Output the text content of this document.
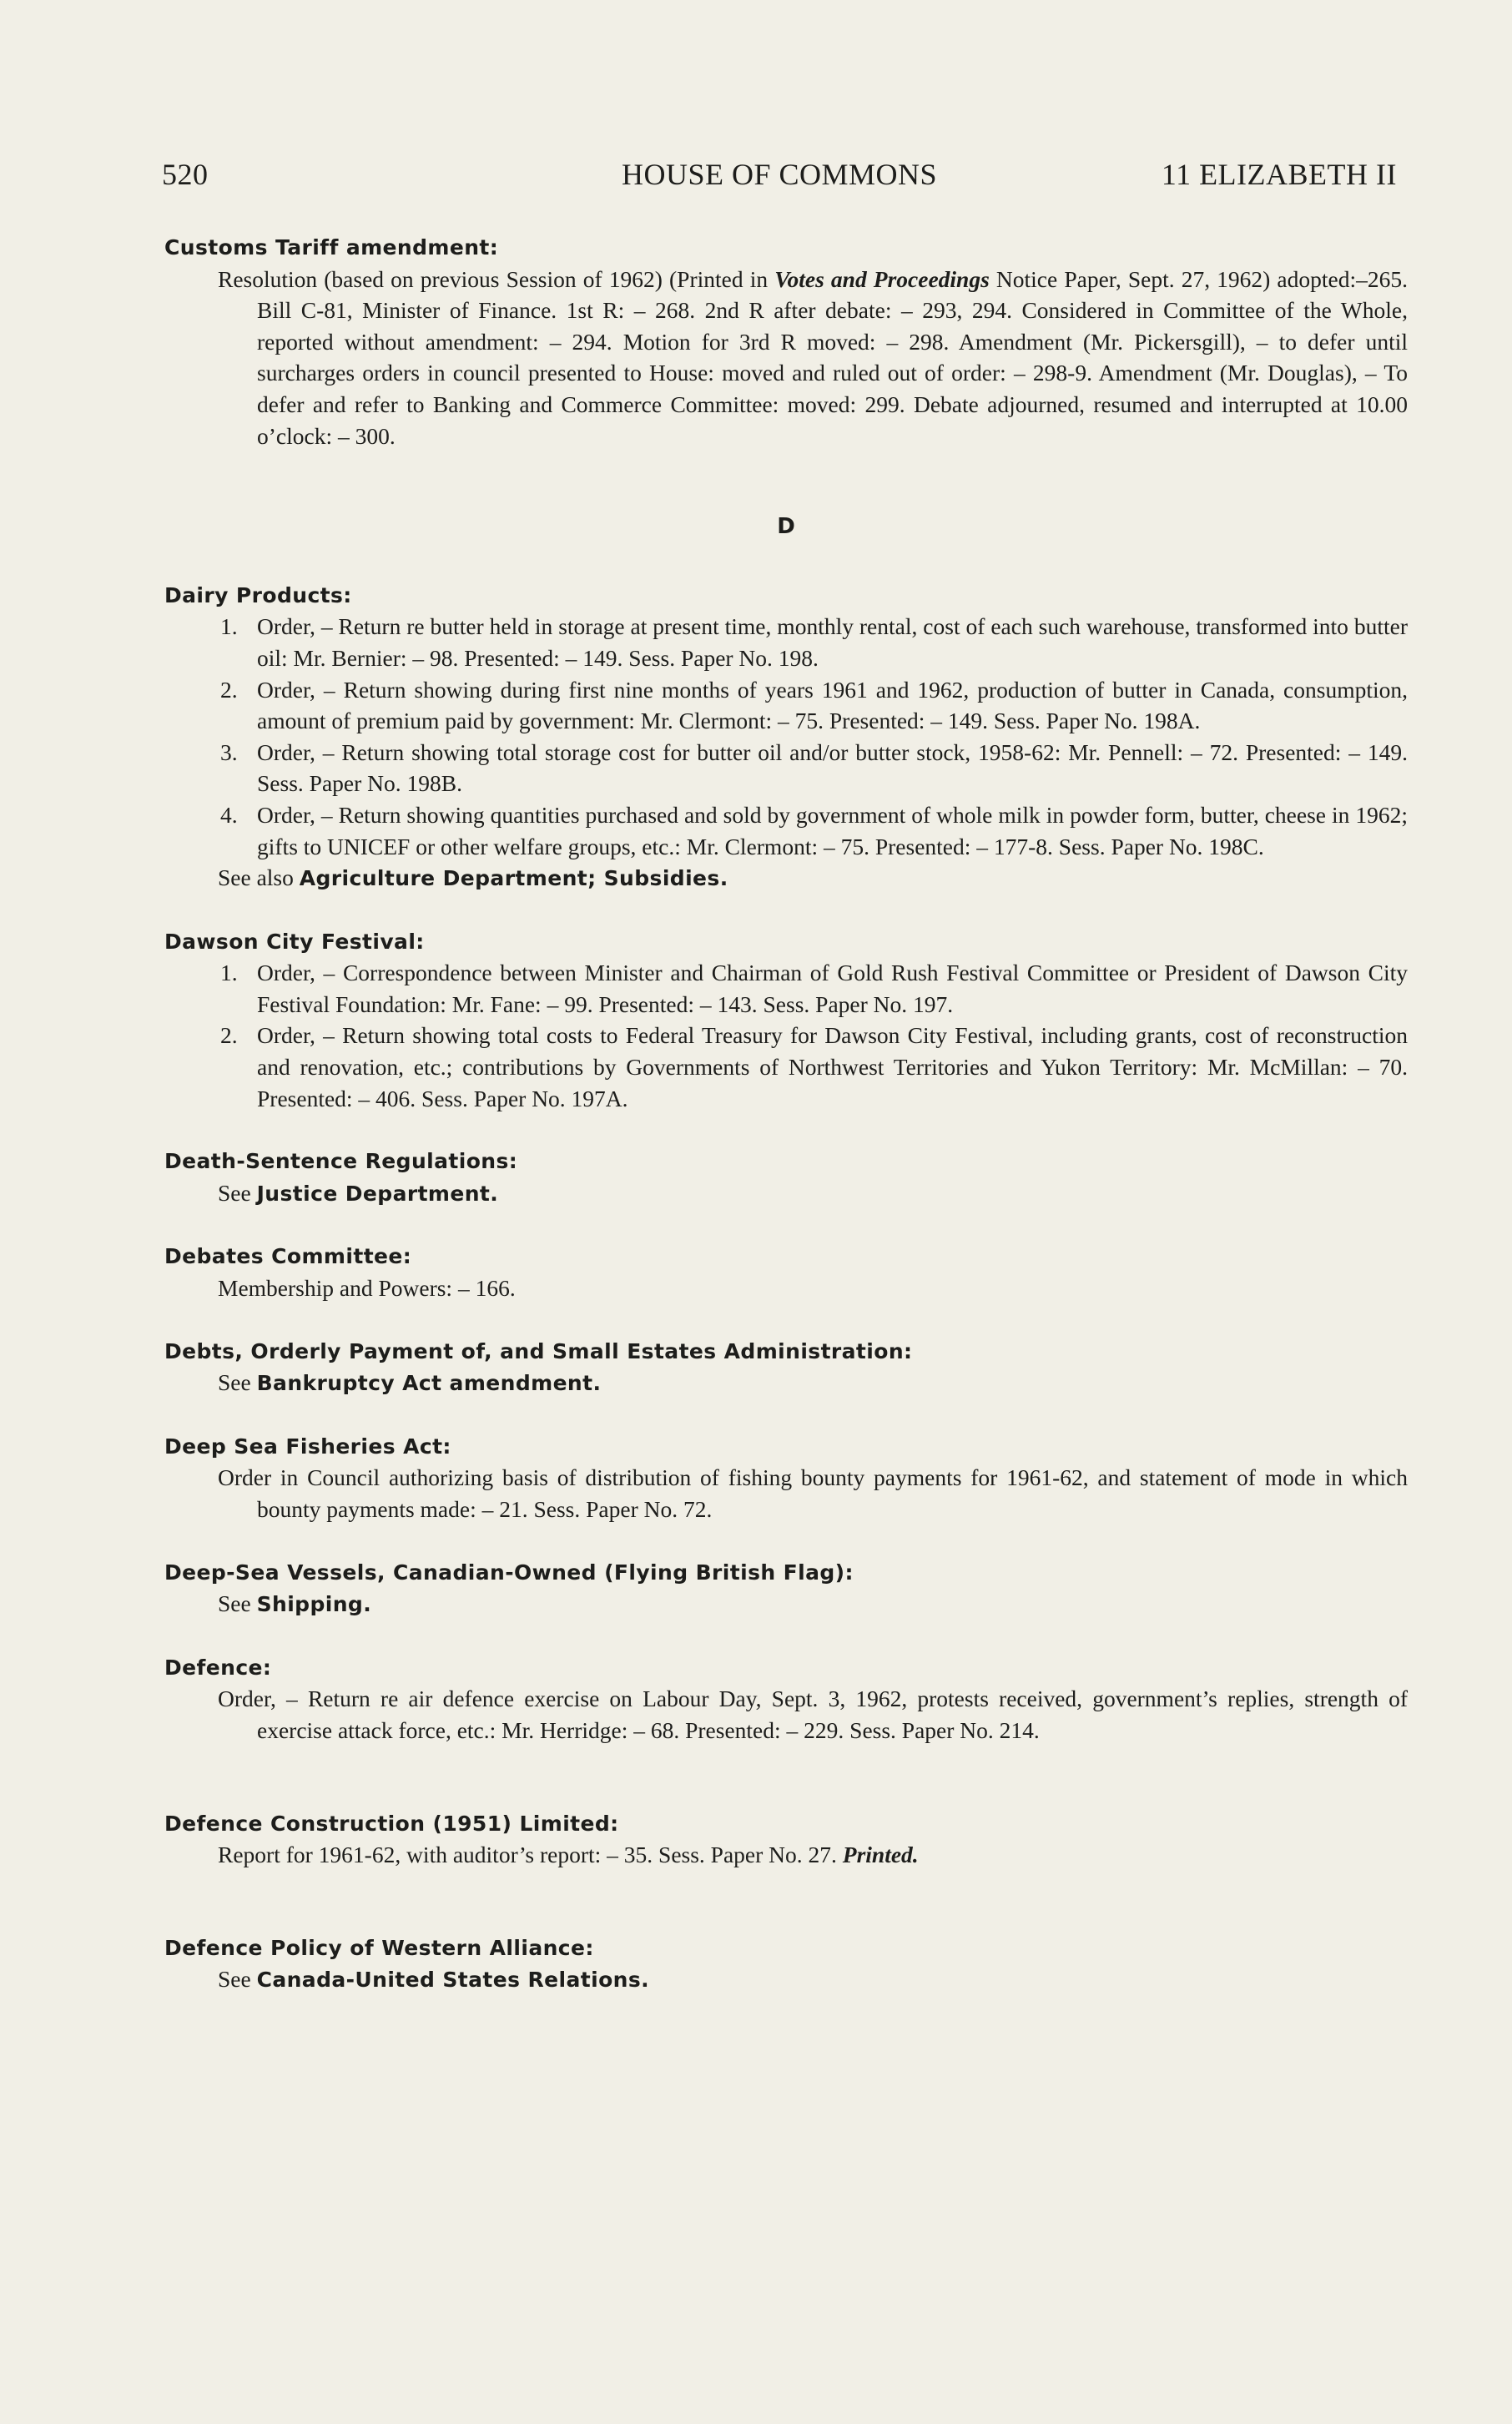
520	HOUSE OF COMMONS	11 ELIZABETH II
Customs Tariff amendment:
Resolution (based on previous Session of 1962) (Printed in Votes and Proceedings Notice Paper, Sept. 27, 1962) adopted:–265. Bill C-81, Minister of Finance. 1st R: – 268. 2nd R after debate: – 293, 294. Considered in Committee of the Whole, reported without amendment: – 294. Motion for 3rd R moved: – 298. Amendment (Mr. Pickersgill), – to defer until surcharges orders in council presented to House: moved and ruled out of order: – 298-9. Amendment (Mr. Douglas), – To defer and refer to Banking and Commerce Committee: moved: 299. Debate adjourned, resumed and interrupted at 10.00 o’clock: – 300.
D
Dairy Products:
1. Order, – Return re butter held in storage at present time, monthly rental, cost of each such warehouse, transformed into butter oil: Mr. Bernier: – 98. Presented: – 149. Sess. Paper No. 198.
2. Order, – Return showing during first nine months of years 1961 and 1962, production of butter in Canada, consumption, amount of premium paid by government: Mr. Clermont: – 75. Presented: – 149. Sess. Paper No. 198A.
3. Order, – Return showing total storage cost for butter oil and/or butter stock, 1958-62: Mr. Pennell: – 72. Presented: – 149. Sess. Paper No. 198B.
4. Order, – Return showing quantities purchased and sold by government of whole milk in powder form, butter, cheese in 1962; gifts to UNICEF or other welfare groups, etc.: Mr. Clermont: – 75. Presented: – 177-8. Sess. Paper No. 198C.
See also Agriculture Department; Subsidies.
Dawson City Festival:
1. Order, – Correspondence between Minister and Chairman of Gold Rush Festival Committee or President of Dawson City Festival Foundation: Mr. Fane: – 99. Presented: – 143. Sess. Paper No. 197.
2. Order, – Return showing total costs to Federal Treasury for Dawson City Festival, including grants, cost of reconstruction and renovation, etc.; contributions by Governments of Northwest Territories and Yukon Territory: Mr. McMillan: – 70. Presented: – 406. Sess. Paper No. 197A.
Death-Sentence Regulations:
See Justice Department.
Debates Committee:
Membership and Powers: – 166.
Debts, Orderly Payment of, and Small Estates Administration:
See Bankruptcy Act amendment.
Deep Sea Fisheries Act:
Order in Council authorizing basis of distribution of fishing bounty payments for 1961-62, and statement of mode in which bounty payments made: – 21. Sess. Paper No. 72.
Deep-Sea Vessels, Canadian-Owned (Flying British Flag):
See Shipping.
Defence:
Order, – Return re air defence exercise on Labour Day, Sept. 3, 1962, protests received, government’s replies, strength of exercise attack force, etc.: Mr. Herridge: – 68. Presented: – 229. Sess. Paper No. 214.
Defence Construction (1951) Limited:
Report for 1961-62, with auditor’s report: – 35. Sess. Paper No. 27. Printed.
Defence Policy of Western Alliance:
See Canada-United States Relations.
